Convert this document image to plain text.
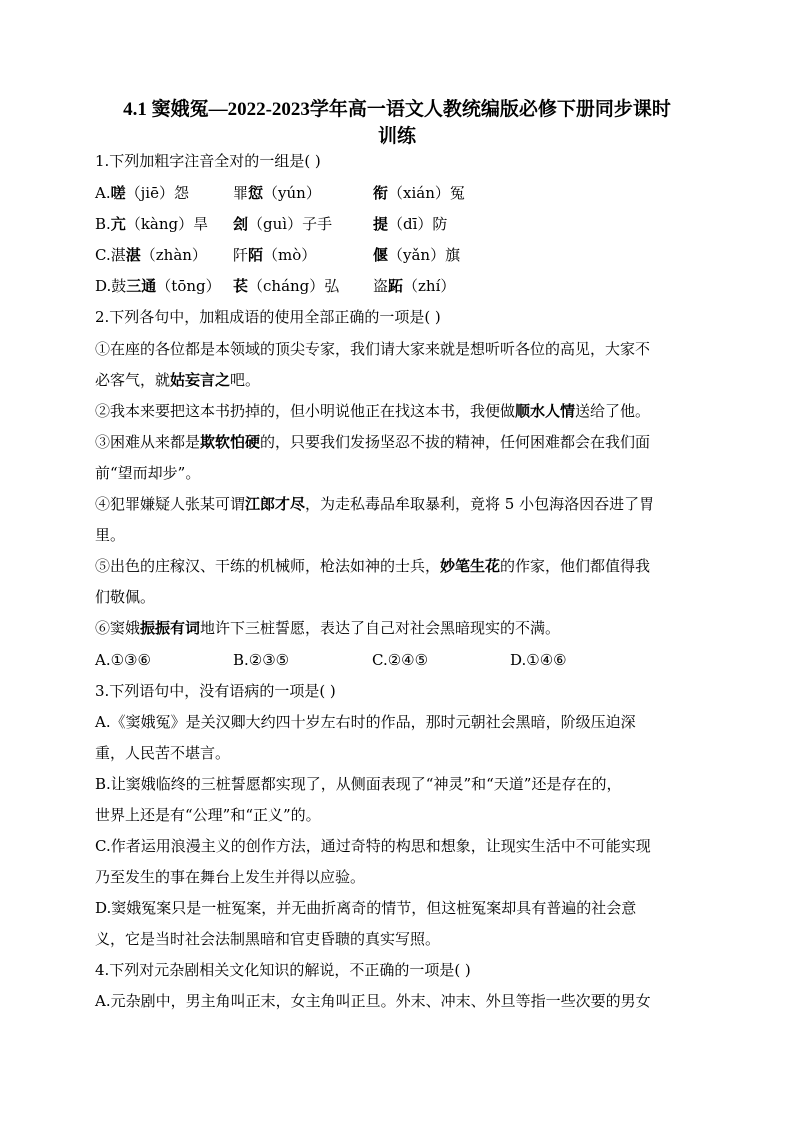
4.1 窦娥冤—2022-2023学年高一语文人教统编版必修下册同步课时
训练
1.下列加粗字注音全对的一组是( )
A.嗟（jiē）怨	罪愆（yún）	衔（xián）冤
B.亢（kàng）旱 刽（guì）子手	提（dī）防
C.湛湛（zhàn） 阡陌（mò）	偃（yǎn）旗
D.鼓三通（tōng） 苌（cháng）弘 盗跖（zhí）
2.下列各句中，加粗成语的使用全部正确的一项是( )
①在座的各位都是本领域的顶尖专家，我们请大家来就是想听听各位的高见，大家不
必客气，就姑妄言之吧。
②我本来要把这本书扔掉的，但小明说他正在找这本书，我便做顺水人情送给了他。
③困难从来都是欺软怕硬的，只要我们发扬坚忍不拔的精神，任何困难都会在我们面
前“望而却步”。
④犯罪嫌疑人张某可谓江郎才尽，为走私毒品牟取暴利，竟将 5 小包海洛因吞进了胃
里。
⑤出色的庄稼汉、干练的机械师，枪法如神的士兵，妙笔生花的作家，他们都值得我
们敬佩。
⑥窦娥振振有词地许下三桩誓愿，表达了自己对社会黑暗现实的不满。
A.①③⑥	B.②③⑤	C.②④⑤	D.①④⑥
3.下列语句中，没有语病的一项是( )
A.《窦娥冤》是关汉卿大约四十岁左右时的作品，那时元朝社会黑暗，阶级压迫深
重，人民苦不堪言。
B.让窦娥临终的三桩誓愿都实现了，从侧面表现了“神灵”和“天道”还是存在的，
世界上还是有“公理”和“正义”的。
C.作者运用浪漫主义的创作方法，通过奇特的构思和想象，让现实生活中不可能实现
乃至发生的事在舞台上发生并得以应验。
D.窦娥冤案只是一桩冤案，并无曲折离奇的情节，但这桩冤案却具有普遍的社会意
义，它是当时社会法制黑暗和官吏昏聩的真实写照。
4.下列对元杂剧相关文化知识的解说，不正确的一项是( )
A.元杂剧中，男主角叫正末，女主角叫正旦。外末、冲末、外旦等指一些次要的男女
